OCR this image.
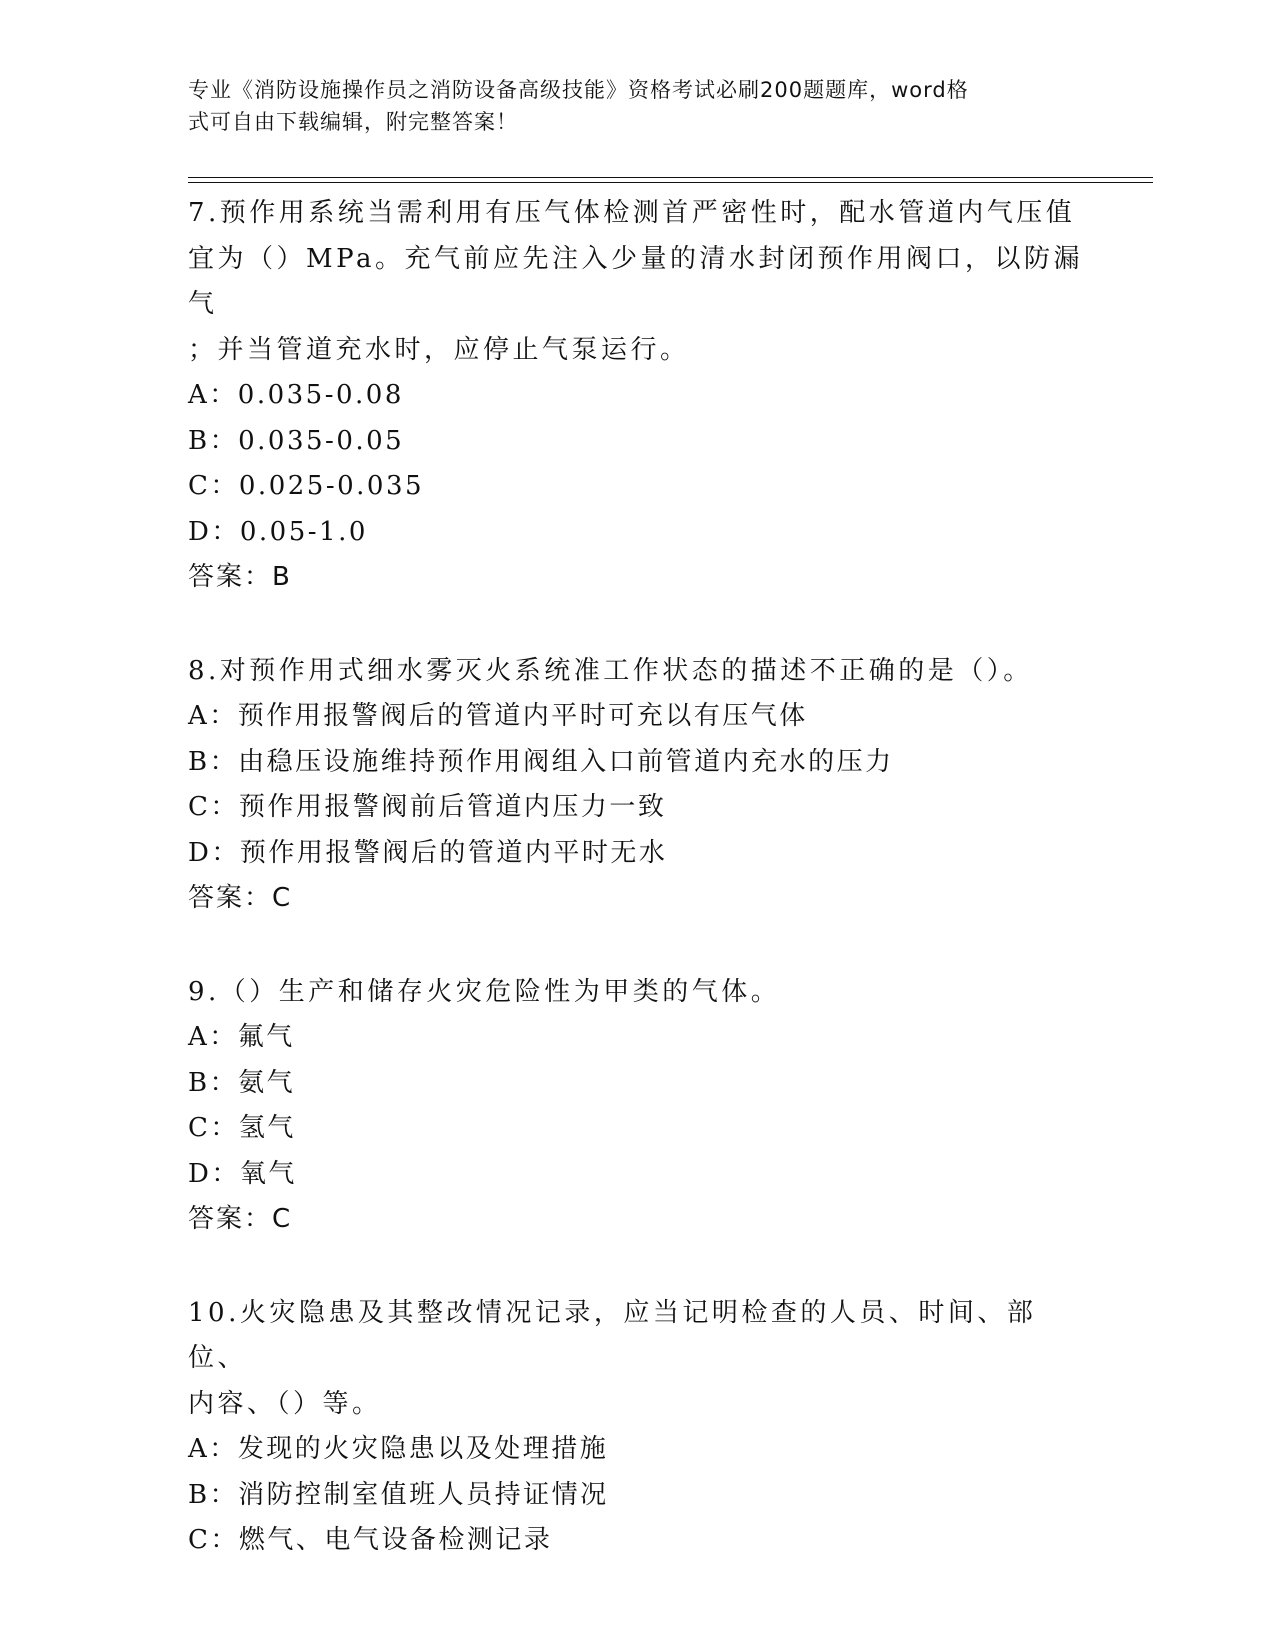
专业《消防设施操作员之消防设备高级技能》资格考试必刷200题题库，word格
式可自由下载编辑，附完整答案！

7.预作用系统当需利用有压气体检测首严密性时，配水管道内气压值

宜为（）MPa。充气前应先注入少量的清水封闭预作用阀口，以防漏气

；并当管道充水时，应停止气泵运行。

A：0.035-0.08

B：0.035-0.05

C：0.025-0.035

D：0.05-1.0

答案：B

8.对预作用式细水雾灭火系统准工作状态的描述不正确的是（）。

A：预作用报警阀后的管道内平时可充以有压气体

B：由稳压设施维持预作用阀组入口前管道内充水的压力

C：预作用报警阀前后管道内压力一致

D：预作用报警阀后的管道内平时无水

答案：C

9.（）生产和储存火灾危险性为甲类的气体。

A：氟气

B：氨气

C：氢气

D：氧气

答案：C

10.火灾隐患及其整改情况记录，应当记明检查的人员、时间、部位、

内容、（）等。

A：发现的火灾隐患以及处理措施

B：消防控制室值班人员持证情况

C：燃气、电气设备检测记录
